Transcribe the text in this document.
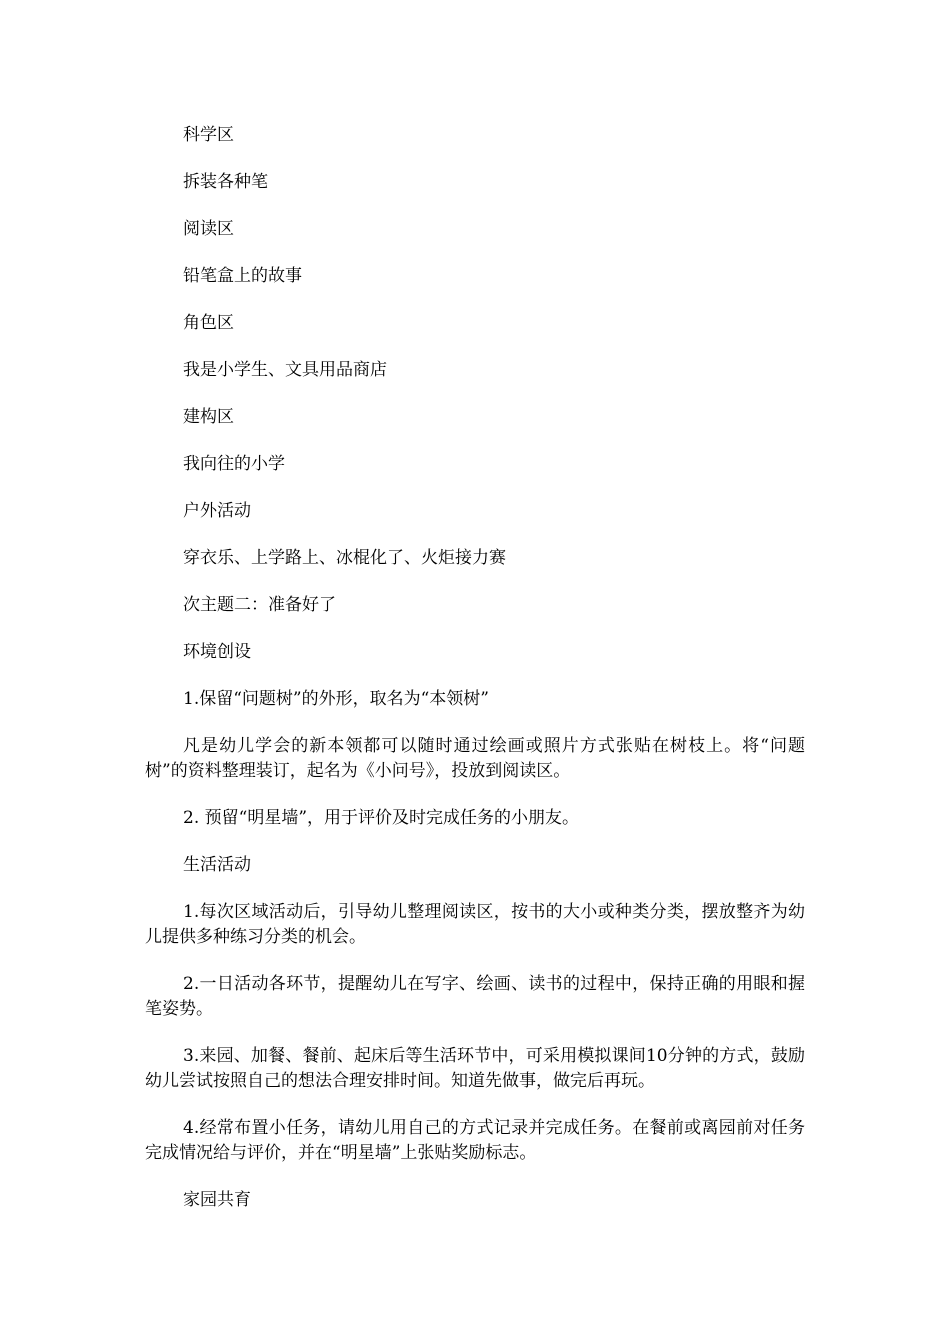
科学区

拆装各种笔

阅读区

铅笔盒上的故事

角色区

我是小学生、文具用品商店

建构区

我向往的小学

户外活动

穿衣乐、上学路上、冰棍化了、火炬接力赛

次主题二：准备好了

环境创设

1.保留“问题树”的外形，取名为“本领树”

凡是幼儿学会的新本领都可以随时通过绘画或照片方式张贴在树枝上。将“问题树”的资料整理装订，起名为《小问号》，投放到阅读区。

2. 预留“明星墙”，用于评价及时完成任务的小朋友。

生活活动

1.每次区域活动后，引导幼儿整理阅读区，按书的大小或种类分类，摆放整齐为幼儿提供多种练习分类的机会。

2.一日活动各环节，提醒幼儿在写字、绘画、读书的过程中，保持正确的用眼和握笔姿势。

3.来园、加餐、餐前、起床后等生活环节中，可采用模拟课间10分钟的方式，鼓励幼儿尝试按照自己的想法合理安排时间。知道先做事，做完后再玩。

4.经常布置小任务，请幼儿用自己的方式记录并完成任务。在餐前或离园前对任务完成情况给与评价，并在“明星墙”上张贴奖励标志。

家园共育
